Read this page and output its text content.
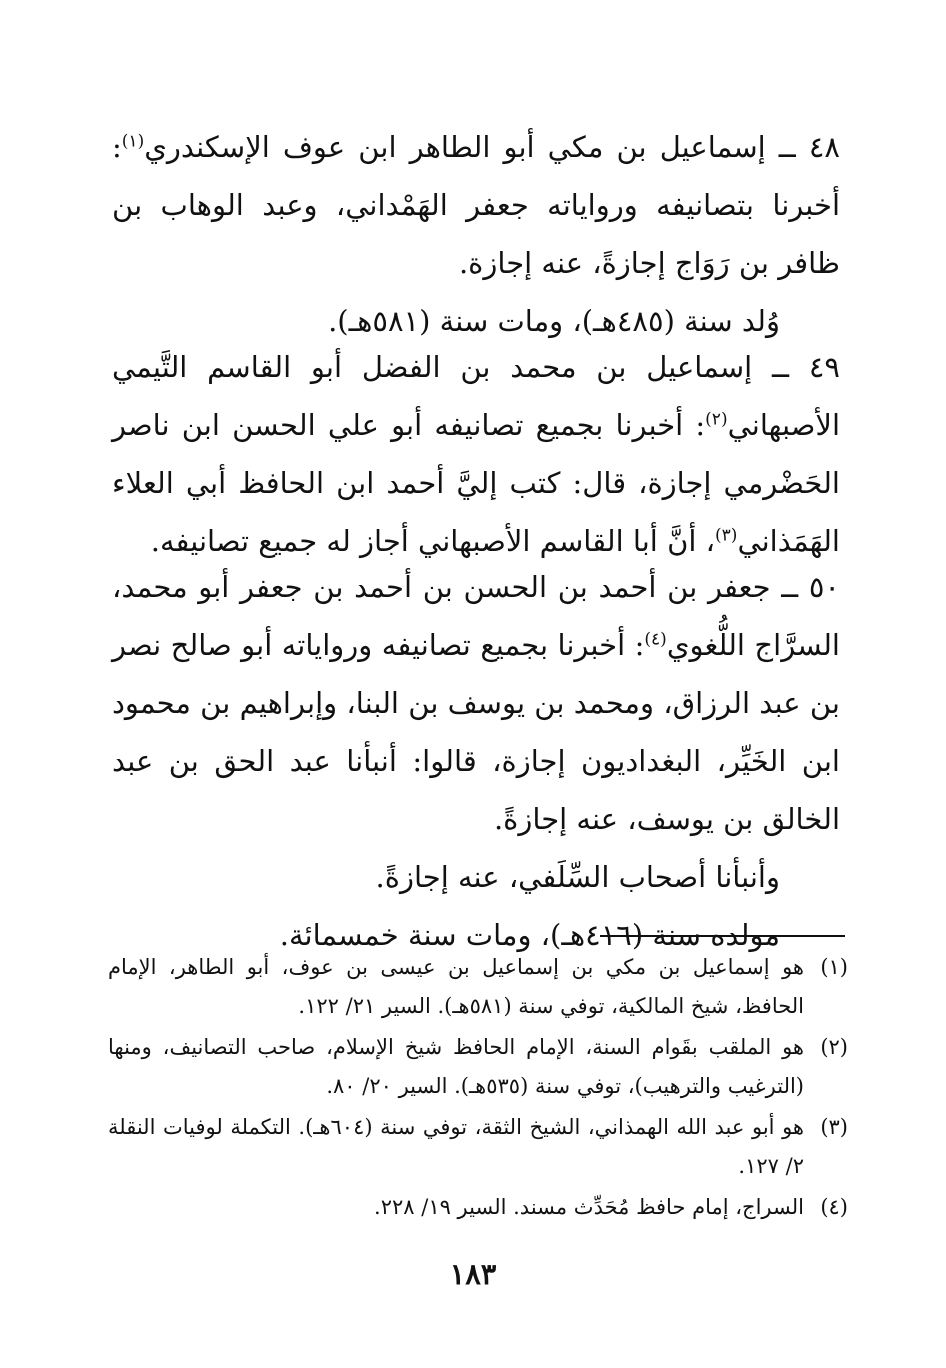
٤٨ ــ إسماعيل بن مكي أبو الطاهر ابن عوف الإسكندري$^{(١)}$: أخبرنا بتصانيفه ورواياته جعفر الهَمْداني، وعبد الوهاب بن ظافر بن رَوَاج إجازةً، عنه إجازة.

وُلد سنة (٤٨٥هـ)، ومات سنة (٥٨١هـ).

٤٩ ــ إسماعيل بن محمد بن الفضل أبو القاسم التَّيمي الأصبهاني$^{(٢)}$: أخبرنا بجميع تصانيفه أبو علي الحسن ابن ناصر الحَضْرمي إجازة، قال: كتب إليَّ أحمد ابن الحافظ أبي العلاء الهَمَذاني$^{(٣)}$، أنَّ أبا القاسم الأصبهاني أجاز له جميع تصانيفه.

٥٠ ــ جعفر بن أحمد بن الحسن بن أحمد بن جعفر أبو محمد، السرَّاج اللُّغوي$^{(٤)}$: أخبرنا بجميع تصانيفه ورواياته أبو صالح نصر بن عبد الرزاق، ومحمد بن يوسف بن البنا، وإبراهيم بن محمود ابن الخَيِّر، البغداديون إجازة، قالوا: أنبأنا عبد الحق بن عبد الخالق بن يوسف، عنه إجازةً.

وأنبأنا أصحاب السِّلَفي، عنه إجازةً.

مولده سنة (٤١٦هـ)، ومات سنة خمسمائة.

(١)
هو إسماعيل بن مكي بن إسماعيل بن عيسى بن عوف، أبو الطاهر، الإمام الحافظ، شيخ المالكية، توفي سنة (٥٨١هـ). السير ٢١/ ١٢٢.

(٢)
هو الملقب بقَوام السنة، الإمام الحافظ شيخ الإسلام، صاحب التصانيف، ومنها (الترغيب والترهيب)، توفي سنة (٥٣٥هـ). السير ٢٠/ ٨٠.

(٣)
هو أبو عبد الله الهمذاني، الشيخ الثقة، توفي سنة (٦٠٤هـ). التكملة لوفيات النقلة ٢/ ١٢٧.

(٤)
السراج، إمام حافظ مُحَدِّث مسند. السير ١٩/ ٢٢٨.

١٨٣
